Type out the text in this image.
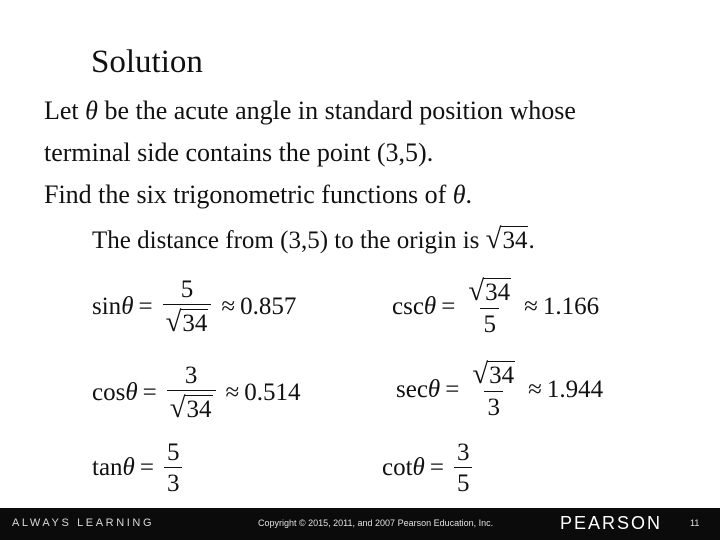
Solution
Let θ be the acute angle in standard position whose
terminal side contains the point (3,5).
Find the six trigonometric functions of θ.
The distance from (3,5) to the origin is √ 34 .
$\sin \theta = \frac{5}{√ 34} \approx 0.857$	$\csc \theta = \frac{√ 34}{5} \approx 1.166$
$\cos \theta = \frac{3}{√ 34} \approx 0.514$	$\sec \theta = \frac{√ 34}{3} \approx 1.944$
$\tan \theta = \frac{5}{3}$	$\cot \theta = \frac{3}{5}$
ALWAYS LEARNING	Copyright © 2015, 2011, and 2007 Pearson Education, Inc.	PEARSON	11
